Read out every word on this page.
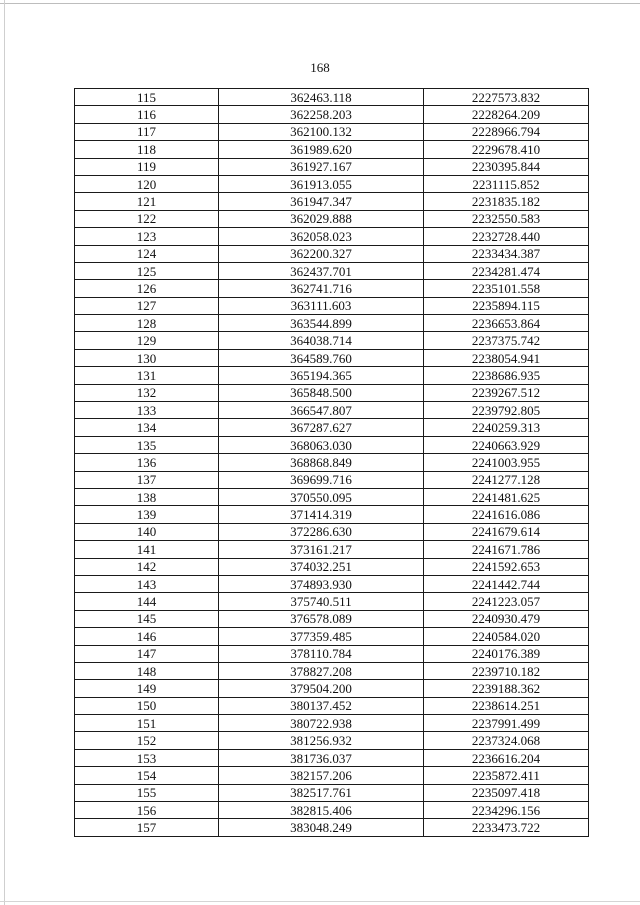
168
115	362463.118	2227573.832
116	362258.203	2228264.209
117	362100.132	2228966.794
118	361989.620	2229678.410
119	361927.167	2230395.844
120	361913.055	2231115.852
121	361947.347	2231835.182
122	362029.888	2232550.583
123	362058.023	2232728.440
124	362200.327	2233434.387
125	362437.701	2234281.474
126	362741.716	2235101.558
127	363111.603	2235894.115
128	363544.899	2236653.864
129	364038.714	2237375.742
130	364589.760	2238054.941
131	365194.365	2238686.935
132	365848.500	2239267.512
133	366547.807	2239792.805
134	367287.627	2240259.313
135	368063.030	2240663.929
136	368868.849	2241003.955
137	369699.716	2241277.128
138	370550.095	2241481.625
139	371414.319	2241616.086
140	372286.630	2241679.614
141	373161.217	2241671.786
142	374032.251	2241592.653
143	374893.930	2241442.744
144	375740.511	2241223.057
145	376578.089	2240930.479
146	377359.485	2240584.020
147	378110.784	2240176.389
148	378827.208	2239710.182
149	379504.200	2239188.362
150	380137.452	2238614.251
151	380722.938	2237991.499
152	381256.932	2237324.068
153	381736.037	2236616.204
154	382157.206	2235872.411
155	382517.761	2235097.418
156	382815.406	2234296.156
157	383048.249	2233473.722
